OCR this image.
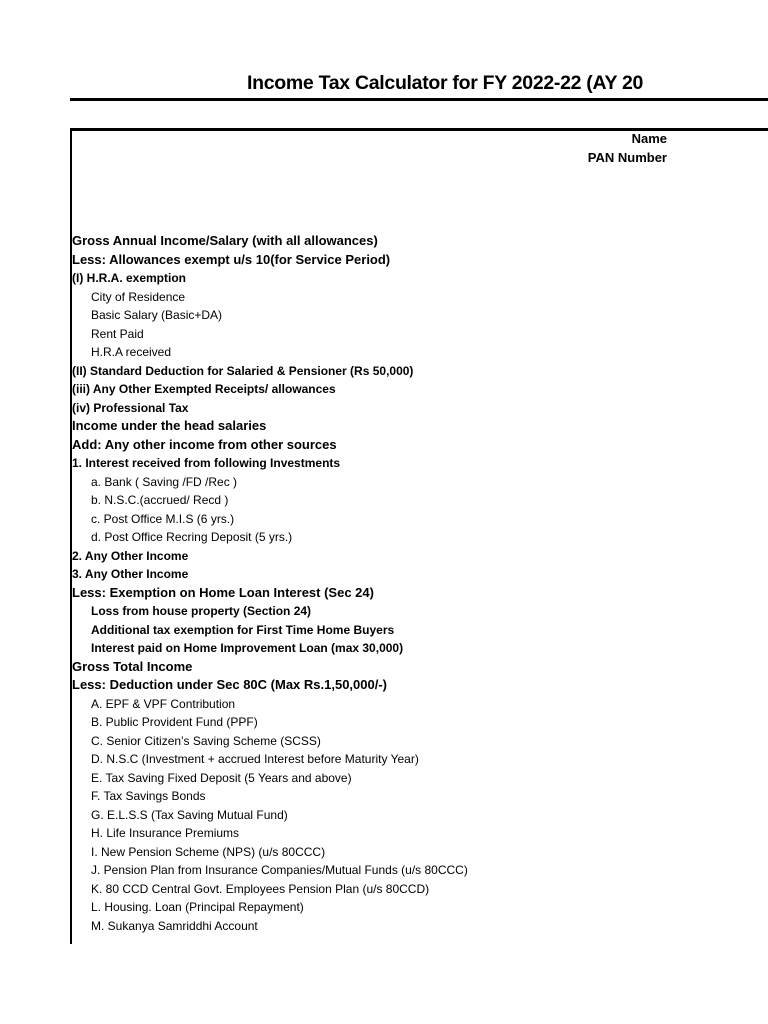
Income Tax Calculator for FY 2022-22 (AY 20
Name
PAN Number
Gross Annual Income/Salary (with all allowances)
Less: Allowances exempt u/s 10(for Service Period)
(I) H.R.A. exemption
City of Residence
Basic Salary (Basic+DA)
Rent Paid
H.R.A received
(II) Standard Deduction for Salaried & Pensioner (Rs 50,000)
(iii) Any Other Exempted Receipts/ allowances
(iv) Professional Tax
Income under the head salaries
Add: Any other income from other sources
1. Interest received from following Investments
a. Bank ( Saving /FD /Rec )
b. N.S.C.(accrued/ Recd )
c. Post Office M.I.S (6 yrs.)
d. Post Office Recring Deposit (5 yrs.)
2. Any Other Income
3. Any Other Income
Less: Exemption on Home Loan Interest (Sec 24)
Loss from house property (Section 24)
Additional tax exemption for First Time Home Buyers
Interest paid on Home Improvement Loan (max 30,000)
Gross Total Income
Less: Deduction under Sec 80C (Max Rs.1,50,000/-)
A. EPF & VPF Contribution
B. Public Provident Fund (PPF)
C. Senior Citizen’s Saving Scheme (SCSS)
D. N.S.C (Investment + accrued Interest before Maturity Year)
E. Tax Saving Fixed Deposit (5 Years and above)
F. Tax Savings Bonds
G. E.L.S.S (Tax Saving Mutual Fund)
H. Life Insurance Premiums
I. New Pension Scheme (NPS) (u/s 80CCC)
J. Pension Plan from Insurance Companies/Mutual Funds (u/s 80CCC)
K. 80 CCD Central Govt. Employees Pension Plan (u/s 80CCD)
L. Housing. Loan (Principal Repayment)
M. Sukanya Samriddhi Account
